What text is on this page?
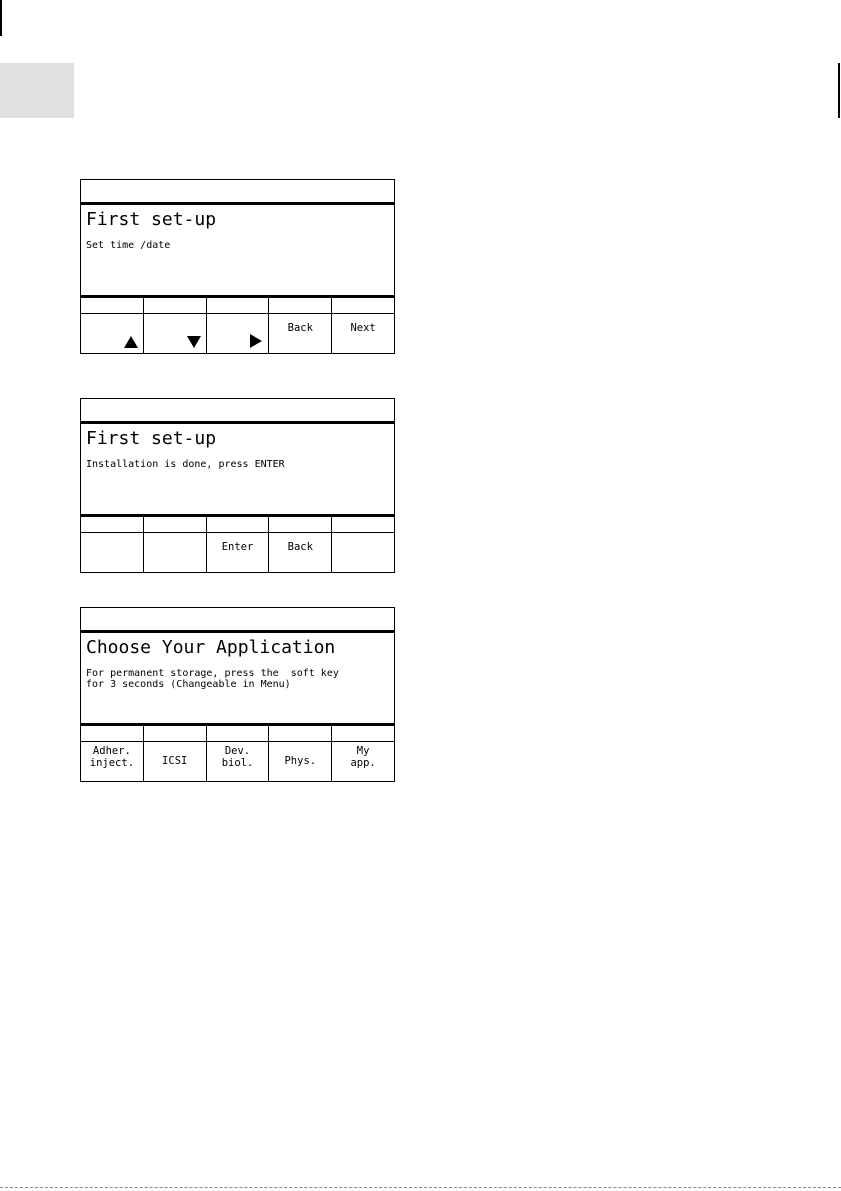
First set-up
Set time /date

Back	Next
First set-up
Installation is done, press ENTER
Enter	Back
Choose Your Application
For permanent storage, press the  soft key
for 3 seconds (Changeable in Menu)
Adher.
inject.	ICSI
Dev.
biol.	Phys.
My
app.
